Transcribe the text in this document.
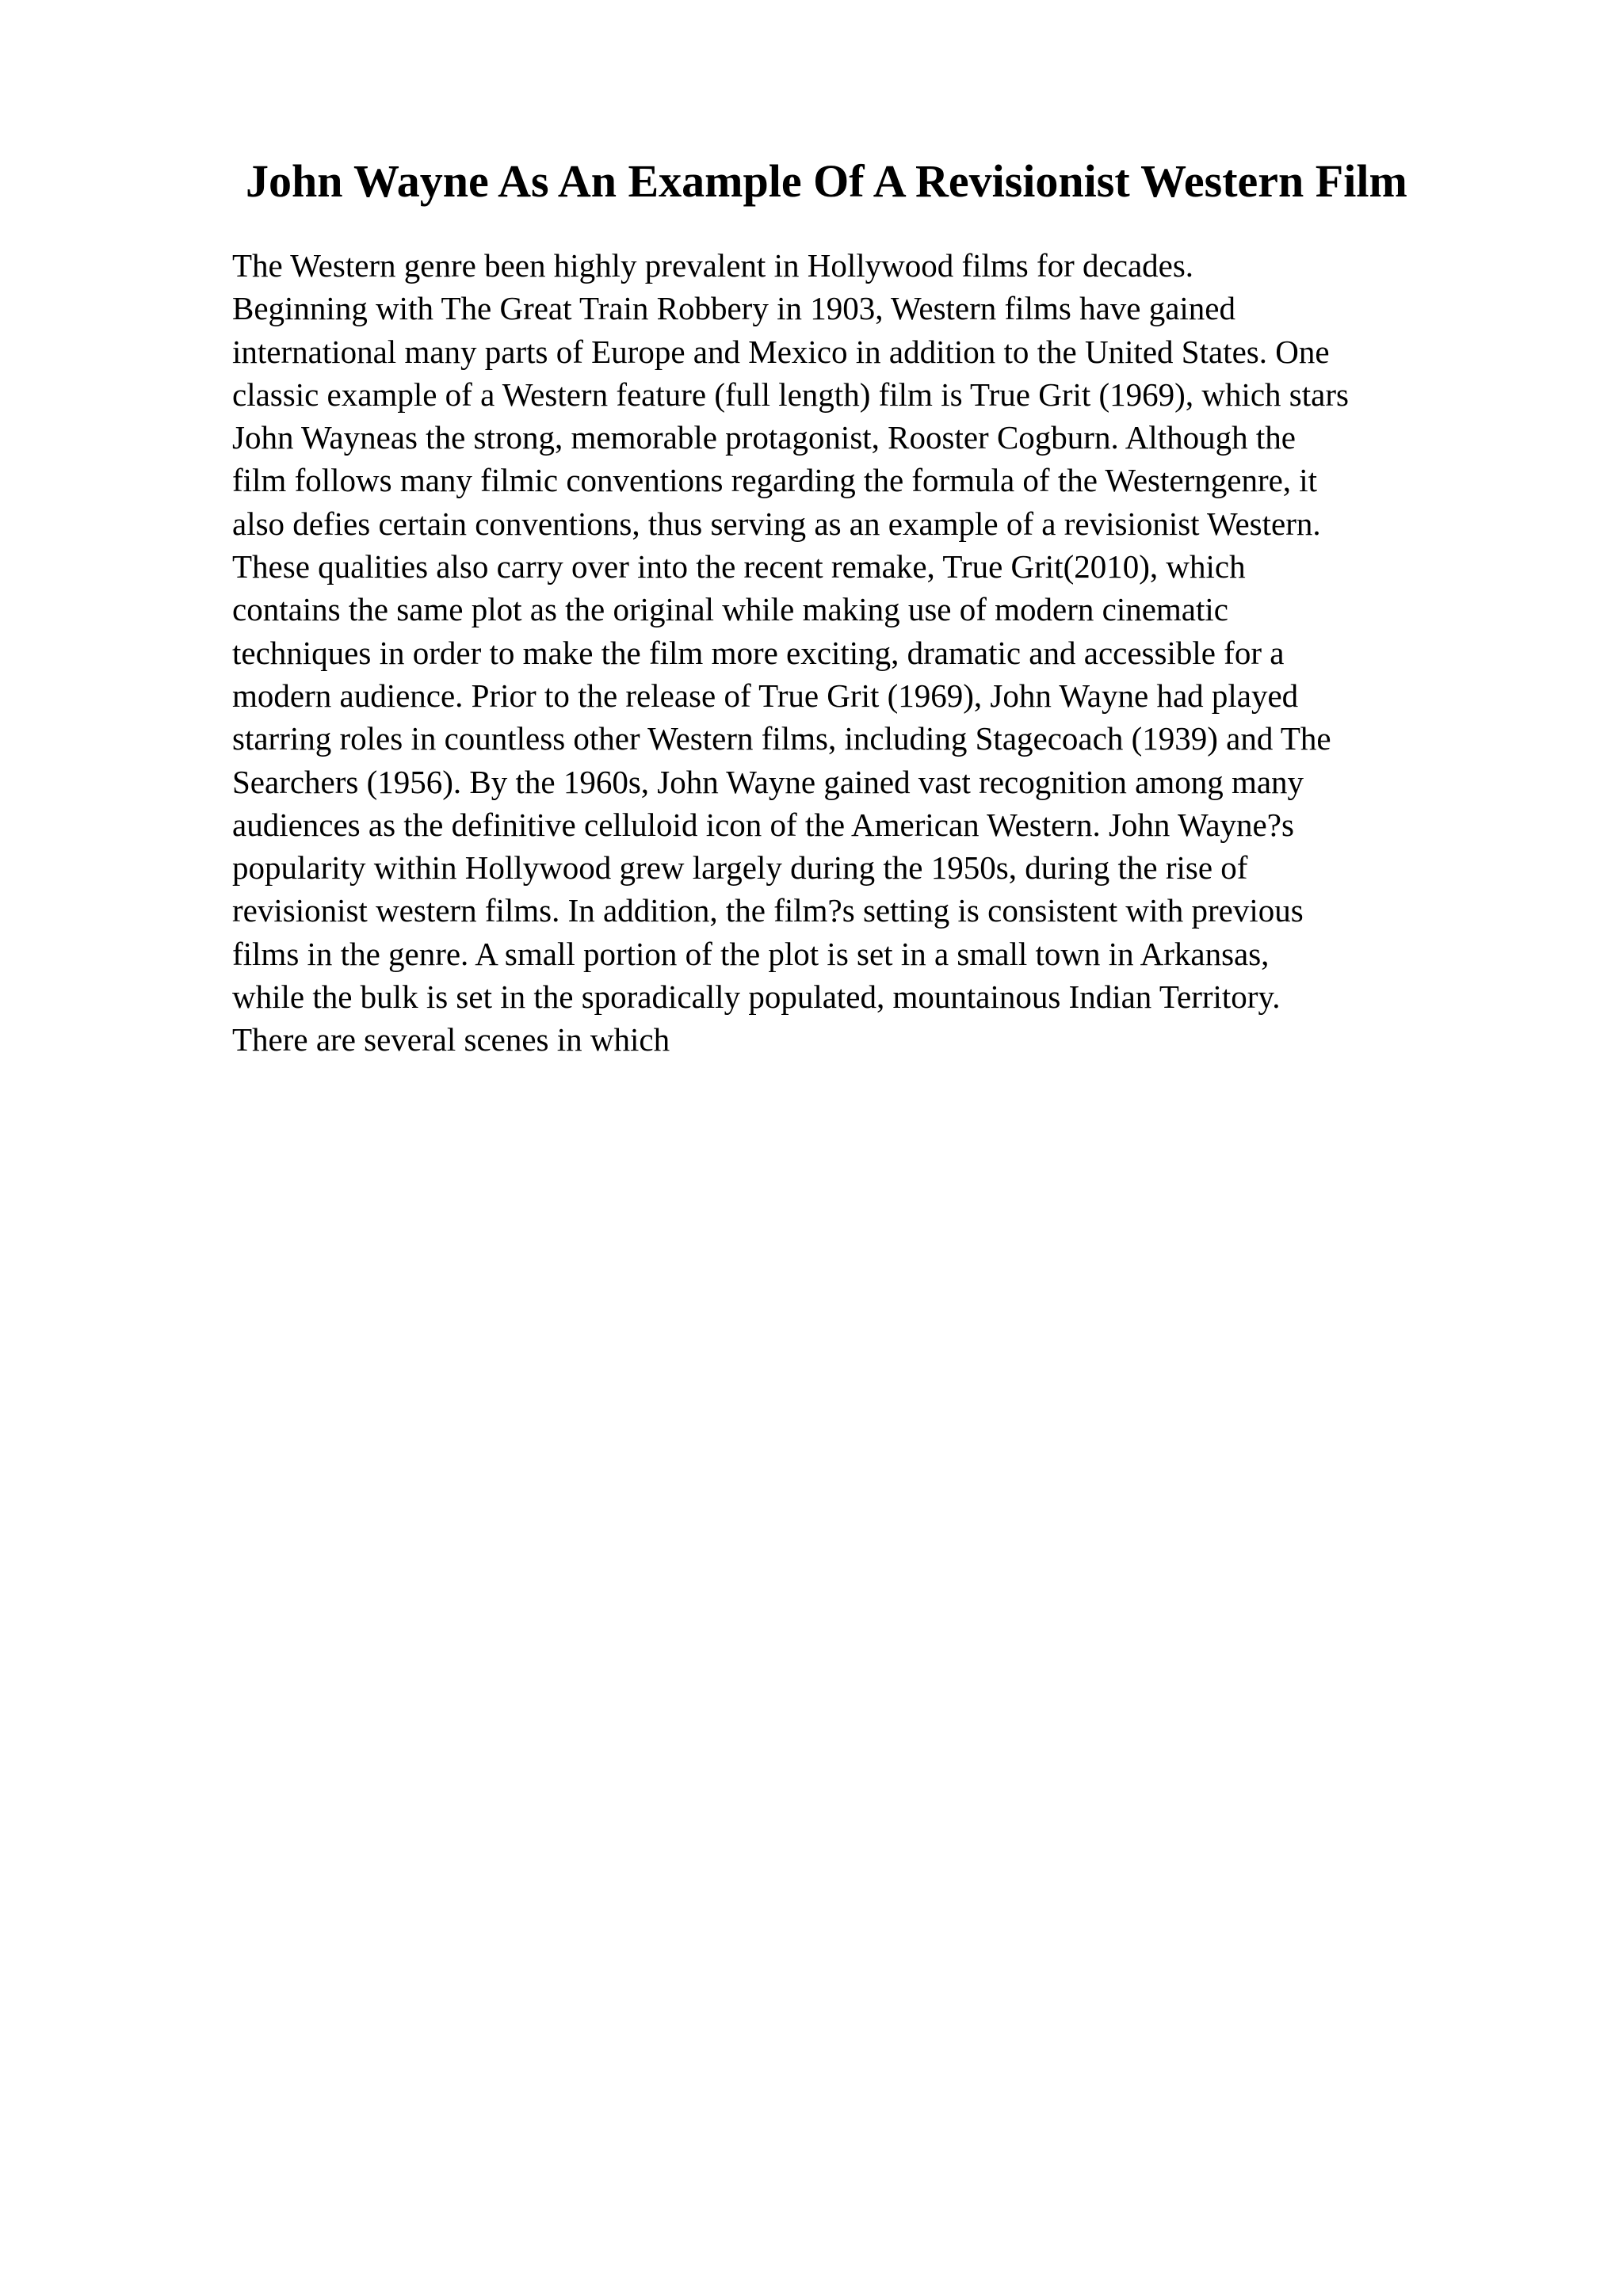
John Wayne As An Example Of A Revisionist Western Film
The Western genre been highly prevalent in Hollywood films for decades.
Beginning with The Great Train Robbery in 1903, Western films have gained
international many parts of Europe and Mexico in addition to the United States. One
classic example of a Western feature (full length) film is True Grit (1969), which stars
John Wayneas the strong, memorable protagonist, Rooster Cogburn. Although the
film follows many filmic conventions regarding the formula of the Westerngenre, it
also defies certain conventions, thus serving as an example of a revisionist Western.
These qualities also carry over into the recent remake, True Grit(2010), which
contains the same plot as the original while making use of modern cinematic
techniques in order to make the film more exciting, dramatic and accessible for a
modern audience. Prior to the release of True Grit (1969), John Wayne had played
starring roles in countless other Western films, including Stagecoach (1939) and The
Searchers (1956). By the 1960s, John Wayne gained vast recognition among many
audiences as the definitive celluloid icon of the American Western. John Wayne?s
popularity within Hollywood grew largely during the 1950s, during the rise of
revisionist western films. In addition, the film?s setting is consistent with previous
films in the genre. A small portion of the plot is set in a small town in Arkansas,
while the bulk is set in the sporadically populated, mountainous Indian Territory.
There are several scenes in which
